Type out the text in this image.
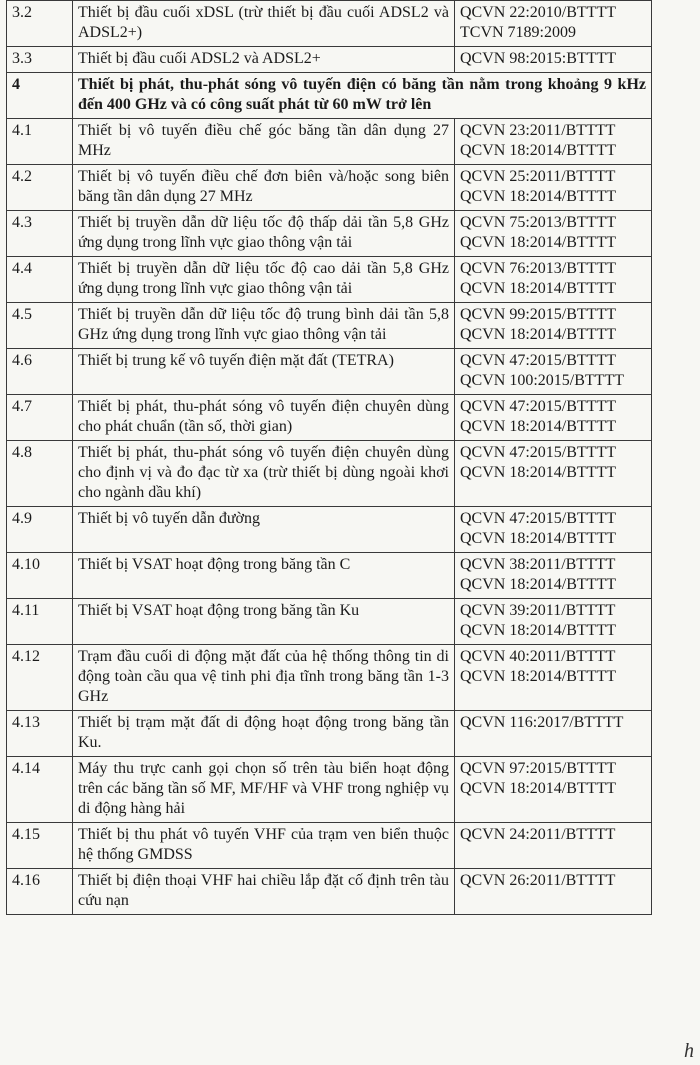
3.2	Thiết bị đầu cuối xDSL (trừ thiết bị đầu cuối ADSL2 và ADSL2+)	QCVN 22:2010/BTTTT
TCVN 7189:2009

3.3	Thiết bị đầu cuối ADSL2 và ADSL2+	QCVN 98:2015:BTTTT

4	Thiết bị phát, thu-phát sóng vô tuyến điện có băng tần nằm trong khoảng 9 kHz đến 400 GHz và có công suất phát từ 60 mW trở lên	
4.1	Thiết bị vô tuyến điều chế góc băng tần dân dụng 27 MHz	QCVN 23:2011/BTTTT
QCVN 18:2014/BTTTT

4.2	Thiết bị vô tuyến điều chế đơn biên và/hoặc song biên băng tần dân dụng 27 MHz	QCVN 25:2011/BTTTT
QCVN 18:2014/BTTTT

4.3	Thiết bị truyền dẫn dữ liệu tốc độ thấp dải tần 5,8 GHz ứng dụng trong lĩnh vực giao thông vận tải	QCVN 75:2013/BTTTT
QCVN 18:2014/BTTTT

4.4	Thiết bị truyền dẫn dữ liệu tốc độ cao dải tần 5,8 GHz ứng dụng trong lĩnh vực giao thông vận tải	QCVN 76:2013/BTTTT
QCVN 18:2014/BTTTT

4.5	Thiết bị truyền dẫn dữ liệu tốc độ trung bình dải tần 5,8 GHz ứng dụng trong lĩnh vực giao thông vận tải	QCVN 99:2015/BTTTT
QCVN 18:2014/BTTTT

4.6	Thiết bị trung kế vô tuyến điện mặt đất (TETRA)	QCVN 47:2015/BTTTT
QCVN 100:2015/BTTTT

4.7	Thiết bị phát, thu-phát sóng vô tuyến điện chuyên dùng cho phát chuẩn (tần số, thời gian)	QCVN 47:2015/BTTTT
QCVN 18:2014/BTTTT

4.8	Thiết bị phát, thu-phát sóng vô tuyến điện chuyên dùng cho định vị và đo đạc từ xa (trừ thiết bị dùng ngoài khơi cho ngành dầu khí)	QCVN 47:2015/BTTTT
QCVN 18:2014/BTTTT

4.9	Thiết bị vô tuyến dẫn đường	QCVN 47:2015/BTTTT
QCVN 18:2014/BTTTT

4.10	Thiết bị VSAT hoạt động trong băng tần C	QCVN 38:2011/BTTTT
QCVN 18:2014/BTTTT

4.11	Thiết bị VSAT hoạt động trong băng tần Ku	QCVN 39:2011/BTTTT
QCVN 18:2014/BTTTT

4.12	Trạm đầu cuối di động mặt đất của hệ thống thông tin di động toàn cầu qua vệ tinh phi địa tĩnh trong băng tần 1-3 GHz	QCVN 40:2011/BTTTT
QCVN 18:2014/BTTTT

4.13	Thiết bị trạm mặt đất di động hoạt động trong băng tần Ku.	QCVN 116:2017/BTTTT

4.14	Máy thu trực canh gọi chọn số trên tàu biển hoạt động trên các băng tần số MF, MF/HF và VHF trong nghiệp vụ di động hàng hải	QCVN 97:2015/BTTTT
QCVN 18:2014/BTTTT

4.15	Thiết bị thu phát vô tuyến VHF của trạm ven biển thuộc hệ thống GMDSS	QCVN 24:2011/BTTTT

4.16	Thiết bị điện thoại VHF hai chiều lắp đặt cố định trên tàu cứu nạn	QCVN 26:2011/BTTTT
h
